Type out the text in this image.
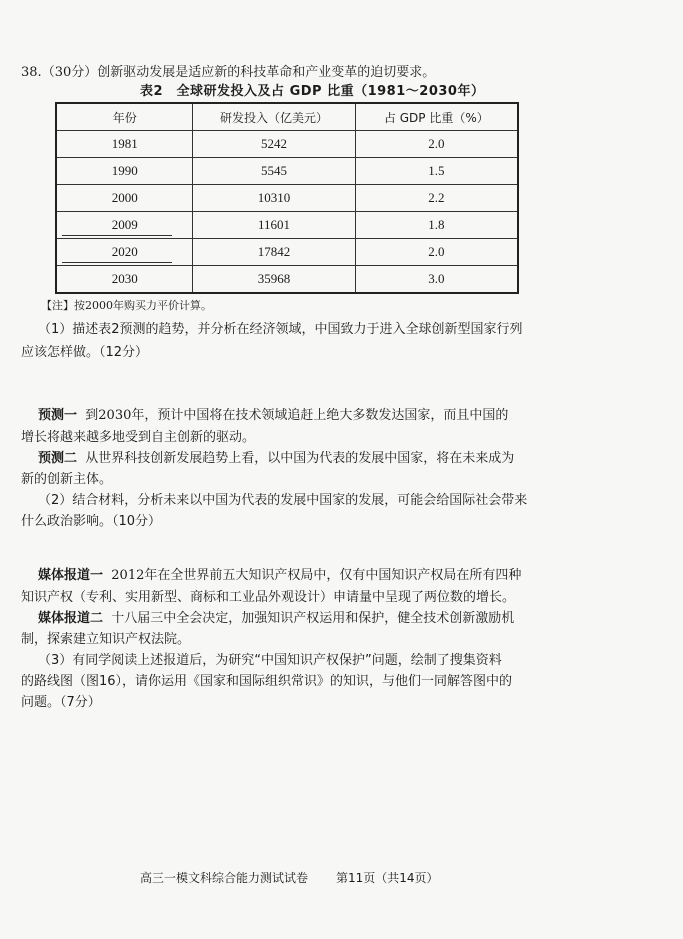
38.（30分）创新驱动发展是适应新的科技革命和产业变革的迫切要求。
表2　全球研发投入及占 GDP 比重（1981～2030年）
年份	研发投入（亿美元）	占 GDP 比重（%）
1981	5242	2.0
1990	5545	1.5
2000	10310	2.2
2009	11601	1.8
2020	17842	2.0
2030	35968	3.0
【注】按2000年购买力平价计算。
（1）描述表2预测的趋势，并分析在经济领域，中国致力于进入全球创新型国家行列
应该怎样做。（12分）
预测一 到2030年，预计中国将在技术领域追赶上绝大多数发达国家，而且中国的
增长将越来越多地受到自主创新的驱动。
预测二 从世界科技创新发展趋势上看，以中国为代表的发展中国家，将在未来成为
新的创新主体。
（2）结合材料，分析未来以中国为代表的发展中国家的发展，可能会给国际社会带来
什么政治影响。（10分）
媒体报道一 2012年在全世界前五大知识产权局中，仅有中国知识产权局在所有四种
知识产权（专利、实用新型、商标和工业品外观设计）申请量中呈现了两位数的增长。
媒体报道二 十八届三中全会决定，加强知识产权运用和保护，健全技术创新激励机
制，探索建立知识产权法院。
（3）有同学阅读上述报道后，为研究“中国知识产权保护”问题，绘制了搜集资料
的路线图（图16），请你运用《国家和国际组织常识》的知识，与他们一同解答图中的
问题。（7分）
高三一模文科综合能力测试试卷 第11页（共14页）
